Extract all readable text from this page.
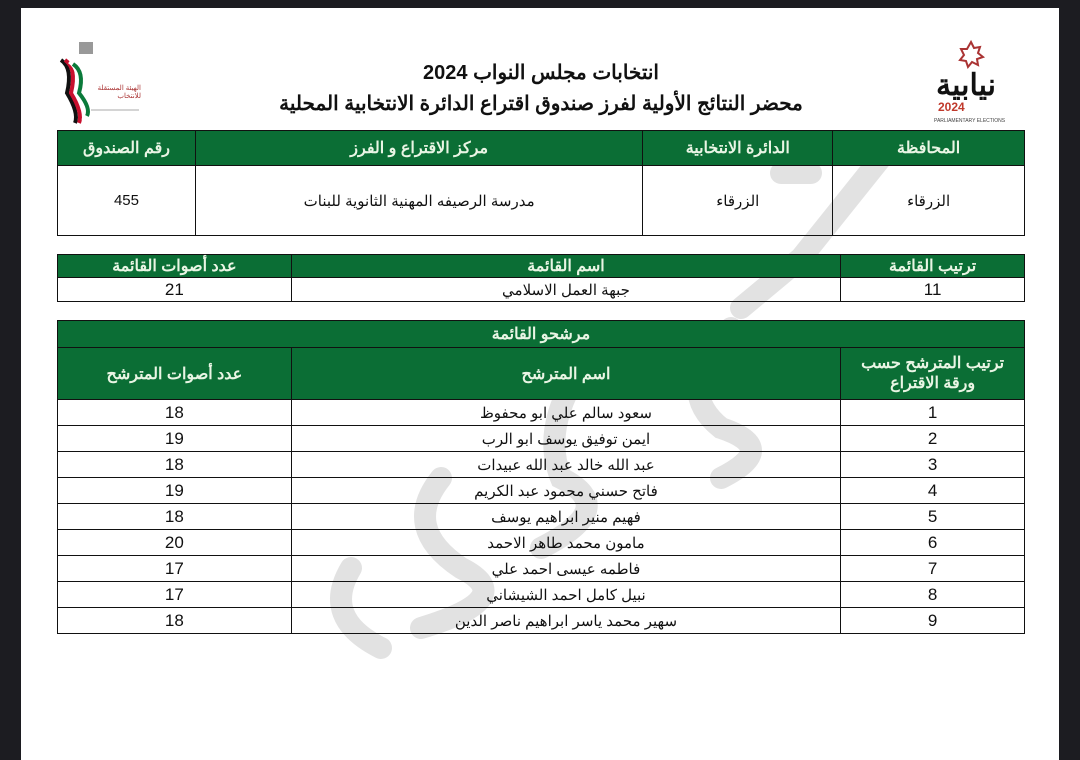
الهيئة المستقلة للانتخاب	نيابية
2024
PARLIAMENTARY ELECTIONS
انتخابات مجلس النواب 2024
محضر النتائج الأولية لفرز صندوق اقتراع الدائرة الانتخابية المحلية
المحافظة	الدائرة الانتخابية	مركز الاقتراع و الفرز	رقم الصندوق
الزرقاء	الزرقاء	مدرسة الرصيفه المهنية الثانوية للبنات	455
ترتيب القائمة	اسم القائمة	عدد أصوات القائمة
11	جبهة العمل الاسلامي	21
مرشحو القائمة		
ترتيب المترشح حسب ورقة الاقتراع	اسم المترشح	عدد أصوات المترشح
1	سعود سالم علي ابو محفوظ	18
2	ايمن توفيق يوسف ابو الرب	19
3	عبد الله خالد عبد الله عبيدات	18
4	فاتح حسني محمود عبد الكريم	19
5	فهيم منير ابراهيم يوسف	18
6	مامون محمد طاهر الاحمد	20
7	فاطمه عيسى احمد علي	17
8	نبيل كامل احمد الشيشاني	17
9	سهير محمد ياسر ابراهيم ناصر الدين	18
